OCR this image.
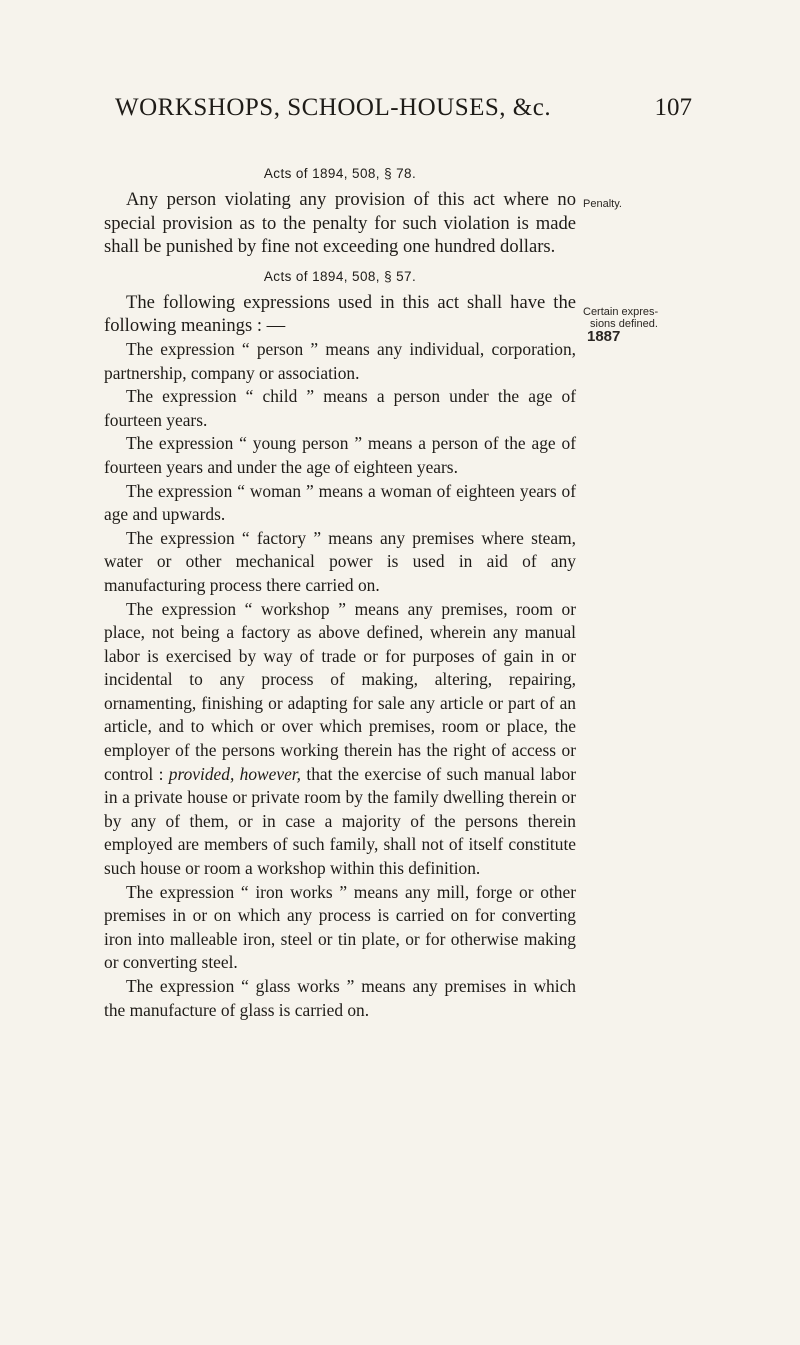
WORKSHOPS, SCHOOL-HOUSES, &c.	107
Acts of 1894, 508, § 78.

Any person violating any provision of this act where no special provision as to the penalty for such violation is made shall be punished by fine not exceeding one hundred dollars.

Acts of 1894, 508, § 57.

The following expressions used in this act shall have the following meanings : —

The expression “ person ” means any individual, corporation, partnership, company or association.

The expression “ child ” means a person under the age of fourteen years.

The expression “ young person ” means a person of the age of fourteen years and under the age of eighteen years.

The expression “ woman ” means a woman of eighteen years of age and upwards.

The expression “ factory ” means any premises where steam, water or other mechanical power is used in aid of any manufacturing process there carried on.

The expression “ workshop ” means any premises, room or place, not being a factory as above defined, wherein any manual labor is exercised by way of trade or for purposes of gain in or incidental to any process of making, altering, repairing, ornamenting, finishing or adapting for sale any article or part of an article, and to which or over which premises, room or place, the employer of the persons working therein has the right of access or control : provided, however, that the exercise of such manual labor in a private house or private room by the family dwelling therein or by any of them, or in case a majority of the persons therein employed are members of such family, shall not of itself constitute such house or room a workshop within this definition.

The expression “ iron works ” means any mill, forge or other premises in or on which any process is carried on for converting iron into malleable iron, steel or tin plate, or for otherwise making or converting steel.

The expression “ glass works ” means any premises in which the manufacture of glass is carried on.

Penalty.
Certain expres-
sions defined.
1887
